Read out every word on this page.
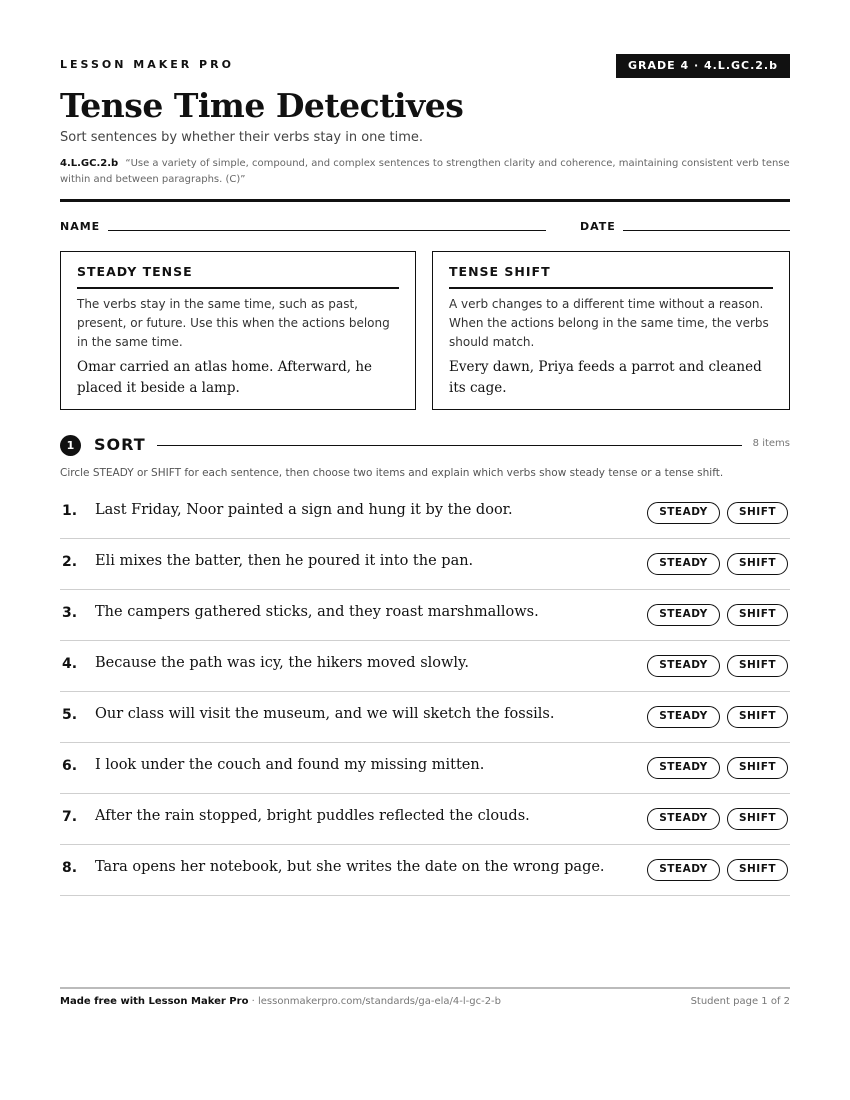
LESSON MAKER PRO	GRADE 4 · 4.L.GC.2.b
Tense Time Detectives
Sort sentences by whether their verbs stay in one time.
4.L.GC.2.b “Use a variety of simple, compound, and complex sentences to strengthen clarity and coherence, maintaining consistent verb tense within and between paragraphs. (C)”
NAME	DATE
STEADY TENSE
The verbs stay in the same time, such as past, present, or future. Use this when the actions belong in the same time.
Omar carried an atlas home. Afterward, he placed it beside a lamp.
TENSE SHIFT
A verb changes to a different time without a reason. When the actions belong in the same time, the verbs should match.
Every dawn, Priya feeds a parrot and cleaned its cage.
1	SORT	8 items
Circle STEADY or SHIFT for each sentence, then choose two items and explain which verbs show steady tense or a tense shift.
1. Last Friday, Noor painted a sign and hung it by the door.	STEADY	SHIFT
2. Eli mixes the batter, then he poured it into the pan.	STEADY	SHIFT
3. The campers gathered sticks, and they roast marshmallows.	STEADY	SHIFT
4. Because the path was icy, the hikers moved slowly.	STEADY	SHIFT
5. Our class will visit the museum, and we will sketch the fossils.	STEADY	SHIFT
6. I look under the couch and found my missing mitten.	STEADY	SHIFT
7. After the rain stopped, bright puddles reflected the clouds.	STEADY	SHIFT
8. Tara opens her notebook, but she writes the date on the wrong page.	STEADY	SHIFT
Made free with Lesson Maker Pro · lessonmakerpro.com/standards/ga-ela/4-l-gc-2-b	Student page 1 of 2
